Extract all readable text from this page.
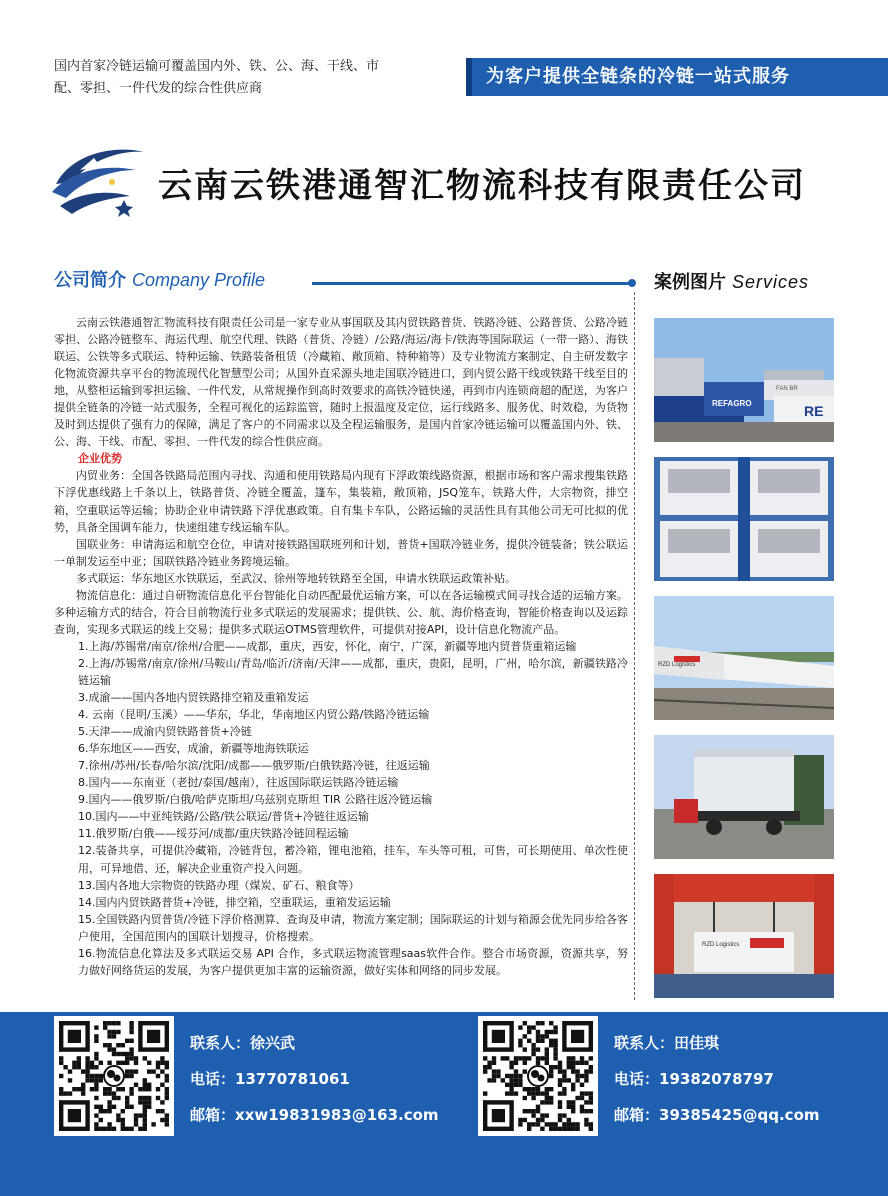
国内首家冷链运输可覆盖国内外、铁、公、海、干线、市配、零担、一件代发的综合性供应商
为客户提供全链条的冷链一站式服务
云南云铁港通智汇物流科技有限责任公司
公司简介 Company Profile	案例图片 Services

云南云铁港通智汇物流科技有限责任公司是一家专业从事国联及其内贸铁路普货、铁路冷链、公路普货、公路冷链零担、公路冷链整车、海运代理、航空代理、铁路（普货、冷链）/公路/海运/海卡/铁海等国际联运（一带一路）、海铁联运、公铁等多式联运、特种运输、铁路装备租赁（冷藏箱、敞顶箱、特种箱等）及专业物流方案制定、自主研发数字化物流资源共享平台的物流现代化智慧型公司；从国外直采源头地走国联冷链进口，到内贸公路干线或铁路干线至目的地，从整柜运输到零担运输、一件代发，从常规操作到高时效要求的高铁冷链快递，再到市内连锁商超的配送，为客户提供全链条的冷链一站式服务，全程可视化的运踪监管，随时上报温度及定位，运行线路多、服务优、时效稳，为货物及时到达提供了强有力的保障，满足了客户的不同需求以及全程运输服务，是国内首家冷链运输可以覆盖国内外、铁、公、海、干线、市配、零担、一件代发的综合性供应商。

企业优势

内贸业务：全国各铁路局范围内寻找、沟通和使用铁路局内现有下浮政策线路资源，根据市场和客户需求搜集铁路下浮优惠线路上千条以上，铁路普货、冷链全覆盖，篷车，集装箱，敞顶箱，JSQ笼车，铁路大件，大宗物资，排空箱，空重联运等运输；协助企业申请铁路下浮优惠政策。自有集卡车队，公路运输的灵活性具有其他公司无可比拟的优势，具备全国调车能力，快速组建专线运输车队。

国联业务：申请海运和航空仓位，申请对接铁路国联班列和计划，普货+国联冷链业务，提供冷链装备；铁公联运一单制发运至中亚；国联铁路冷链业务跨境运输。

多式联运：华东地区水铁联运，至武汉、徐州等地转铁路至全国，申请水铁联运政策补贴。

物流信息化：通过自研物流信息化平台智能化自动匹配最优运输方案，可以在各运输模式间寻找合适的运输方案。多种运输方式的结合，符合目前物流行业多式联运的发展需求；提供铁、公、航、海价格查询，智能价格查询以及运踪查询，实现多式联运的线上交易；提供多式联运OTMS管理软件，可提供对接API，设计信息化物流产品。

1.上海/苏锡常/南京/徐州/合肥——成都，重庆，西安，怀化，南宁，广深，新疆等地内贸普货重箱运输

2.上海/苏锡常/南京/徐州/马鞍山/青岛/临沂/济南/天津——成都，重庆，贵阳，昆明，广州，哈尔滨，新疆铁路冷链运输

3.成渝——国内各地内贸铁路排空箱及重箱发运

4. 云南（昆明/玉溪）——华东，华北，华南地区内贸公路/铁路冷链运输

5.天津——成渝内贸铁路普货+冷链

6.华东地区——西安，成渝，新疆等地海铁联运

7.徐州/苏州/长春/哈尔滨/沈阳/成都——俄罗斯/白俄铁路冷链，往返运输

8.国内——东南亚（老挝/泰国/越南），往返国际联运铁路冷链运输

9.国内——俄罗斯/白俄/哈萨克斯坦/乌兹别克斯坦 TIR 公路往返冷链运输

10.国内——中亚纯铁路/公路/铁公联运/普货+冷链往返运输

11.俄罗斯/白俄——绥芬河/成都/重庆铁路冷链回程运输

12.装备共享，可提供冷藏箱，冷链背包，蓄冷箱，锂电池箱，挂车，车头等可租，可售，可长期使用、单次性使用，可异地借、还，解决企业重资产投入问题。

13.国内各地大宗物资的铁路办理（煤炭、矿石、粮食等）

14.国内内贸铁路普货+冷链，排空箱，空重联运，重箱发运运输

15.全国铁路内贸普货/冷链下浮价格测算、查询及申请，物流方案定制；国际联运的计划与箱源会优先同步给各客户使用，全国范围内的国联计划搜寻，价格搜索。

16.物流信息化算法及多式联运交易 API 合作，多式联运物流管理saas软件合作。整合市场资源，资源共享，努力做好网络货运的发展，为客户提供更加丰富的运输资源，做好实体和网络的同步发展。

REFAGRO	RE
FAN BR
RZD Logistics
RZD Logistics
联系人：徐兴武
电话：13770781061
邮箱：xxw19831983@163.com
联系人：田佳琪
电话：19382078797
邮箱：39385425@qq.com
